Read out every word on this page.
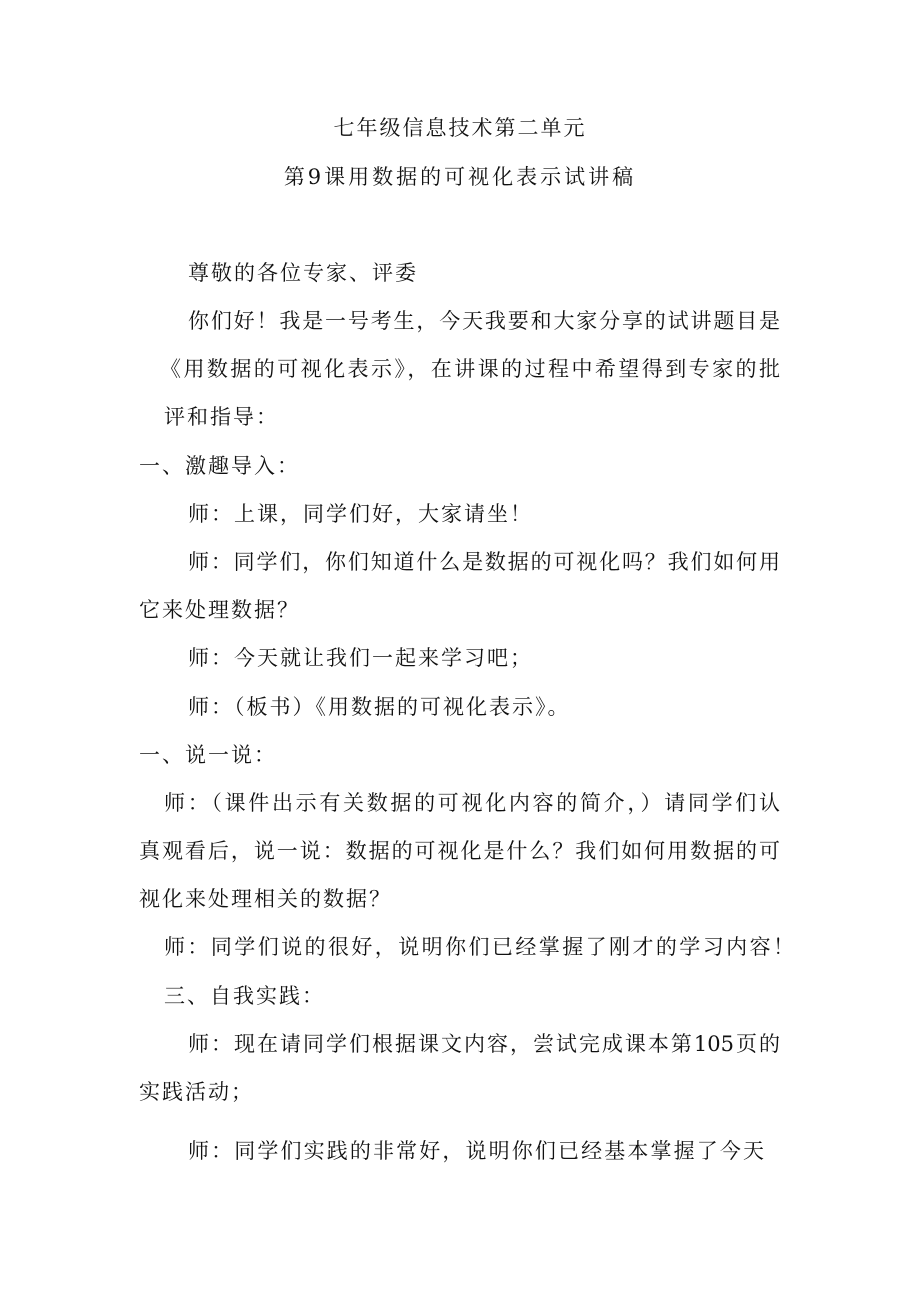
七年级信息技术第二单元
第9课用数据的可视化表示试讲稿
尊敬的各位专家、评委
你们好！我是一号考生，今天我要和大家分享的试讲题目是
《用数据的可视化表示》，在讲课的过程中希望得到专家的批
评和指导：
一、激趣导入：
师：上课，同学们好，大家请坐！
师：同学们，你们知道什么是数据的可视化吗？我们如何用
它来处理数据？
师：今天就让我们一起来学习吧；
师：（板书）《用数据的可视化表示》。
一、说一说：
师：（课件出示有关数据的可视化内容的简介，）请同学们认
真观看后，说一说：数据的可视化是什么？我们如何用数据的可
视化来处理相关的数据？
师：同学们说的很好，说明你们已经掌握了刚才的学习内容！
三、自我实践：
师：现在请同学们根据课文内容，尝试完成课本第105页的
实践活动；
师：同学们实践的非常好，说明你们已经基本掌握了今天
